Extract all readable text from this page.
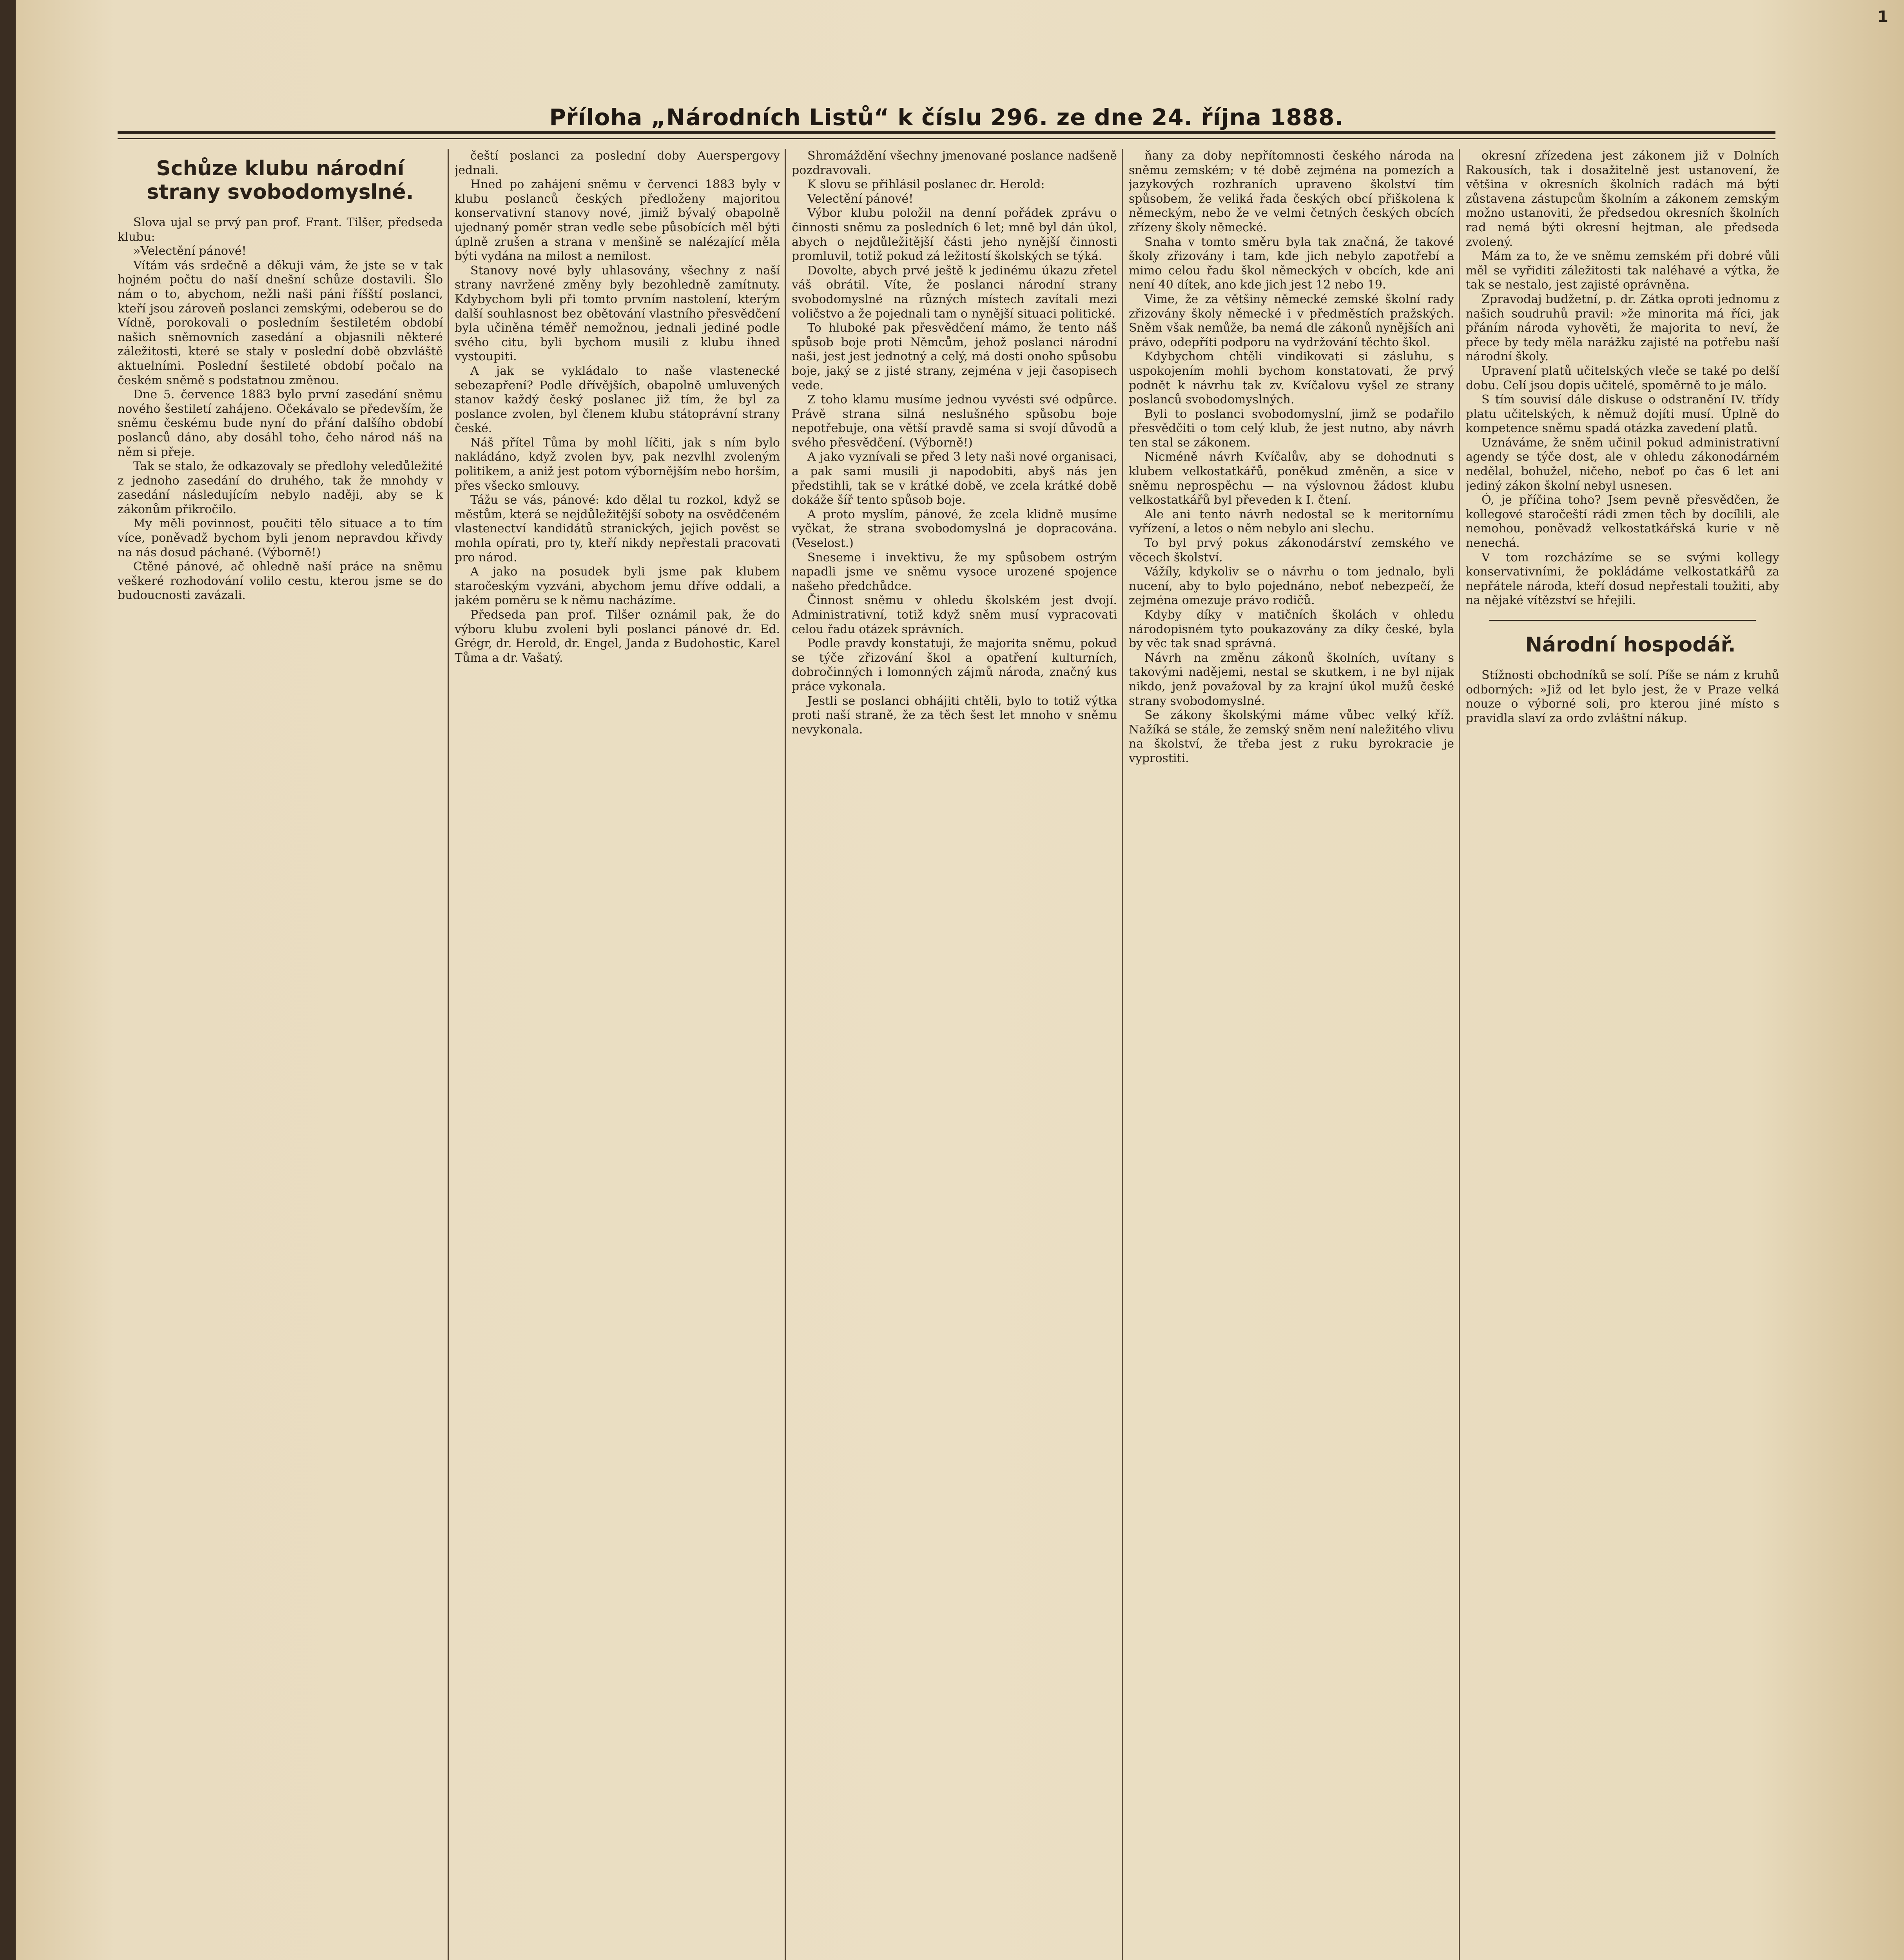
1
Příloha „Národních Listů“ k číslu 296. ze dne 24. října 1888.
Schůze klubu národní strany svobodomyslné.

Slova ujal se prvý pan prof. Frant. Tilšer, předseda klubu:

»Velectění pánové!

Vítám vás srdečně a děkuji vám, že jste se v tak hojném počtu do naší dnešní schůze dostavili. Šlo nám o to, abychom, nežli naši páni říšští poslanci, kteří jsou zároveň poslanci zemskými, odeberou se do Vídně, porokovali o posledním šestiletém období našich sněmovních zasedání a objasnili některé záležitosti, které se staly v poslední době obzvláště aktuelními. Poslední šestileté období počalo na českém sněmě s podstatnou změnou.

Dne 5. července 1883 bylo první zasedání sněmu nového šestiletí zahájeno. Očekávalo se především, že sněmu českému bude nyní do přání dalšího období poslanců dáno, aby dosáhl toho, čeho národ náš na něm si přeje.

Tak se stalo, že odkazovaly se předlohy veledůležité z jednoho zasedání do druhého, tak že mnohdy v zasedání následujícím nebylo naději, aby se k zákonům přikročilo.

My měli povinnost, poučiti tělo situace a to tím více, poněvadž bychom byli jenom nepravdou křivdy na nás dosud páchané. (Výborně!)

Ctěné pánové, ač ohledně naší práce na sněmu veškeré rozhodování volilo cestu, kterou jsme se do budoucnosti zavázali.

čeští poslanci za poslední doby Auerspergovy jednali.

Hned po zahájení sněmu v červenci 1883 byly v klubu poslanců českých předloženy majoritou konservativní stanovy nové, jimiž bývalý obapolně ujednaný poměr stran vedle sebe působících měl býti úplně zrušen a strana v menšině se nalézající měla býti vydána na milost a nemilost.

Stanovy nové byly uhlasovány, všechny z naší strany navržené změny byly bezohledně zamítnuty. Kdybychom byli při tomto prvním nastolení, kterým další souhlasnost bez obětování vlastního přesvědčení byla učiněna téměř nemožnou, jednali jediné podle svého citu, byli bychom musili z klubu ihned vystoupiti.

A jak se vykládalo to naše vlastenecké sebezapření? Podle dřívějších, obapolně umluvených stanov každý český poslanec již tím, že byl za poslance zvolen, byl členem klubu státoprávní strany české.

Náš přítel Tůma by mohl líčiti, jak s ním bylo nakládáno, když zvolen byv, pak nezvlhl zvoleným politikem, a aniž jest potom výbornějším nebo horším, přes všecko smlouvy.

Tážu se vás, pánové: kdo dělal tu rozkol, když se městům, která se nejdůležitější soboty na osvědčeném vlastenectví kandidátů stranických, jejich pověst se mohla opírati, pro ty, kteří nikdy nepřestali pracovati pro národ.

A jako na posudek byli jsme pak klubem staročeským vyzváni, abychom jemu dříve oddali, a jakém poměru se k němu nacházíme.

Předseda pan prof. Tilšer oznámil pak, že do výboru klubu zvoleni byli poslanci pánové dr. Ed. Grégr, dr. Herold, dr. Engel, Janda z Budohostic, Karel Tůma a dr. Vašatý.

Shromáždění všechny jmenované poslance nadšeně pozdravovali.

K slovu se přihlásil poslanec dr. Herold:

Velectění pánové!

Výbor klubu položil na denní pořádek zprávu o činnosti sněmu za posledních 6 let; mně byl dán úkol, abych o nejdůležitější části jeho nynější činnosti promluvil, totiž pokud zá ležitostí školských se týká.

Dovolte, abych prvé ještě k jedinému úkazu zřetel váš obrátil. Víte, že poslanci národní strany svobodomyslné na různých místech zavítali mezi voličstvo a že pojednali tam o nynější situaci politické.

To hluboké pak přesvědčení mámo, že tento náš spůsob boje proti Němcům, jehož poslanci národní naši, jest jest jednotný a celý, má dosti onoho spůsobu boje, jaký se z jisté strany, zejména v jeji časopisech vede.

Z toho klamu musíme jednou vyvésti své odpůrce. Právě strana silná neslušného spůsobu boje nepotřebuje, ona větší pravdě sama si svojí důvodů a svého přesvědčení. (Výborně!)

A jako vyznívali se před 3 lety naši nové organisaci, a pak sami musili ji napodobiti, abyš nás jen předstihli, tak se v krátké době, ve zcela krátké době dokáže šíř tento spůsob boje.

A proto myslím, pánové, že zcela klidně musíme vyčkat, že strana svobodomyslná je dopracována. (Veselost.)

Sneseme i invektivu, že my spůsobem ostrým napadli jsme ve sněmu vysoce urozené spojence našeho předchůdce.

Činnost sněmu v ohledu školském jest dvojí. Administrativní, totiž když sněm musí vypracovati celou řadu otázek správních.

Podle pravdy konstatuji, že majorita sněmu, pokud se týče zřizování škol a opatření kulturních, dobročinných i lomonných zájmů národa, značný kus práce vykonala.

Jestli se poslanci obhájiti chtěli, bylo to totiž výtka proti naší straně, že za těch šest let mnoho v sněmu nevykonala.

ňany za doby nepřítomnosti českého národa na sněmu zemském; v té době zejména na pomezích a jazykových rozhraních upraveno školství tím spůsobem, že veliká řada českých obcí přiškolena k německým, nebo že ve velmi četných českých obcích zřízeny školy německé.

Snaha v tomto směru byla tak značná, že takové školy zřizovány i tam, kde jich nebylo zapotřebí a mimo celou řadu škol německých v obcích, kde ani není 40 dítek, ano kde jich jest 12 nebo 19.

Vime, že za většiny německé zemské školní rady zřizovány školy německé i v předměstích pražských. Sněm však nemůže, ba nemá dle zákonů nynějších ani právo, odepříti podporu na vydržování těchto škol.

Kdybychom chtěli vindikovati si zásluhu, s uspokojením mohli bychom konstatovati, že prvý podnět k návrhu tak zv. Kvíčalovu vyšel ze strany poslanců svobodomyslných.

Byli to poslanci svobodomyslní, jimž se podařilo přesvědčiti o tom celý klub, že jest nutno, aby návrh ten stal se zákonem.

Nicméně návrh Kvíčalův, aby se dohodnuti s klubem velkostatkářů, poněkud změněn, a sice v sněmu neprospěchu — na výslovnou žádost klubu velkostatkářů byl převeden k I. čtení.

Ale ani tento návrh nedostal se k meritornímu vyřízení, a letos o něm nebylo ani slechu.

To byl prvý pokus zákonodárství zemského ve věcech školství.

Vážíly, kdykoliv se o návrhu o tom jednalo, byli nucení, aby to bylo pojednáno, neboť nebezpečí, že zejména omezuje právo rodičů.

Kdyby díky v matičních školách v ohledu národopisném tyto poukazovány za díky české, byla by věc tak snad správná.

Návrh na změnu zákonů školních, uvítany s takovými nadějemi, nestal se skutkem, i ne byl nijak nikdo, jenž považoval by za krajní úkol mužů české strany svobodomyslné.

Se zákony školskými máme vůbec velký kříž. Nažíká se stále, že zemský sněm není naležitého vlivu na školství, že třeba jest z ruku byrokracie je vyprostiti.

okresní zřízedena jest zákonem již v Dolních Rakousích, tak i dosažitelně jest ustanovení, že většina v okresních školních radách má býti zůstavena zástupcům školním a zákonem zemským možno ustanoviti, že předsedou okresních školních rad nemá býti okresní hejtman, ale předseda zvolený.

Mám za to, že ve sněmu zemském při dobré vůli měl se vyřiditi záležitosti tak naléhavé a výtka, že tak se nestalo, jest zajisté oprávněna.

Zpravodaj budžetní, p. dr. Zátka oproti jednomu z našich soudruhů pravil: »že minorita má říci, jak přáním národa vyhověti, že majorita to neví, že přece by tedy měla narážku zajisté na potřebu naší národní školy.

Upravení platů učitelských vleče se také po delší dobu. Celí jsou dopis učitelé, spoměrně to je málo.

S tím souvisí dále diskuse o odstranění IV. třídy platu učitelských, k němuž dojíti musí. Úplně do kompetence sněmu spadá otázka zavedení platů.

Uznáváme, že sněm učinil pokud administrativní agendy se týče dost, ale v ohledu zákonodárném nedělal, bohužel, ničeho, neboť po čas 6 let ani jediný zákon školní nebyl usnesen.

Ó, je příčina toho? Jsem pevně přesvědčen, že kollegové staročeští rádi zmen těch by docílili, ale nemohou, poněvadž velkostatkářská kurie v ně nenechá.

V tom rozcházíme se se svými kollegy konservativními, že pokládáme velkostatkářů za nepřátele národa, kteří dosud nepřestali toužiti, aby na nějaké vítězství se hřejili.

Národní hospodář.

Stížnosti obchodníků se solí. Píše se nám z kruhů odborných: »Již od let bylo jest, že v Praze velká nouze o výborné soli, pro kterou jiné místo s pravidla slaví za ordo zvláštní nákup.
